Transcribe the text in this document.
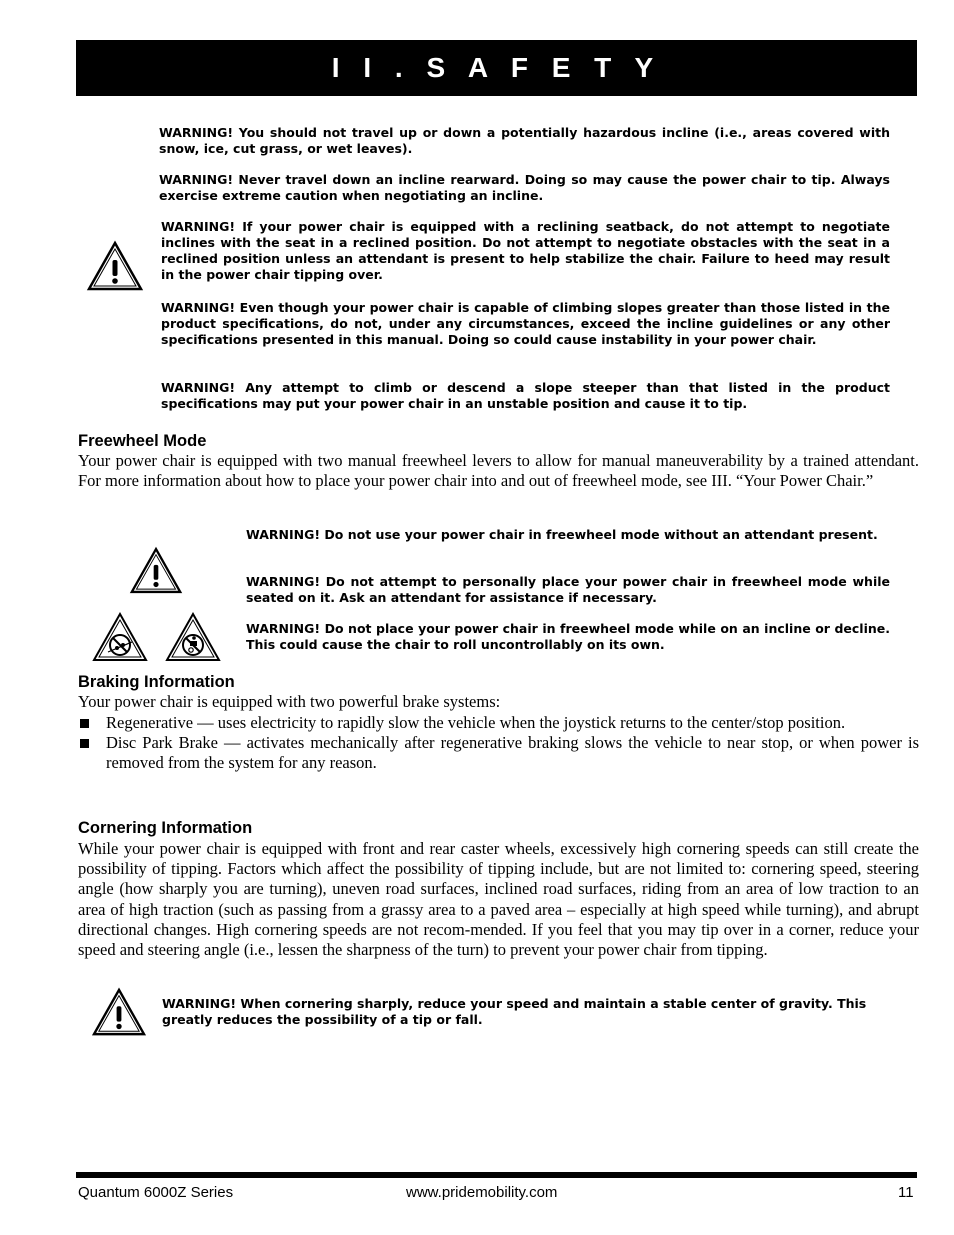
I I . S A F E T Y

WARNING! You should not travel up or down a potentially hazardous incline (i.e., areas covered with snow, ice, cut grass, or wet leaves).

WARNING! Never travel down an incline rearward. Doing so may cause the power chair to tip. Always exercise extreme caution when negotiating an incline.

WARNING! If your power chair is equipped with a reclining seatback, do not attempt to negotiate inclines with the seat in a reclined position. Do not attempt to negotiate obstacles with the seat in a reclined position unless an attendant is present to help stabilize the chair. Failure to heed may result in the power chair tipping over.

WARNING! Even though your power chair is capable of climbing slopes greater than those listed in the product specifications, do not, under any circumstances, exceed the incline guidelines or any other specifications presented in this manual. Doing so could cause instability in your power chair.

WARNING! Any attempt to climb or descend a slope steeper than that listed in the product specifications may put your power chair in an unstable position and cause it to tip.

Freewheel Mode

Your power chair is equipped with two manual freewheel levers to allow for manual maneuverability by a trained attendant. For more information about how to place your power chair into and out of freewheel mode, see III. “Your Power Chair.”

WARNING! Do not use your power chair in freewheel mode without an attendant present.

WARNING! Do not attempt to personally place your power chair in freewheel mode while seated on it. Ask an attendant for assistance if necessary.

WARNING! Do not place your power chair in freewheel mode while on an incline or decline. This could cause the chair to roll uncontrollably on its own.

Braking Information

Your power chair is equipped with two powerful brake systems:

Regenerative — uses electricity to rapidly slow the vehicle when the joystick returns to the center/stop position.
Disc Park Brake — activates mechanically after regenerative braking slows the vehicle to near stop, or when power is removed from the system for any reason.
Cornering Information

While your power chair is equipped with front and rear caster wheels, excessively high cornering speeds can still create the possibility of tipping. Factors which affect the possibility of tipping include, but are not limited to: cornering speed, steering angle (how sharply you are turning), uneven road surfaces, inclined road surfaces, riding from an area of low traction to an area of high traction (such as passing from a grassy area to a paved area – especially at high speed while turning), and abrupt directional changes. High cornering speeds are not recom-mended. If you feel that you may tip over in a corner, reduce your speed and steering angle (i.e., lessen the sharpness of the turn) to prevent your power chair from tipping.

WARNING! When cornering sharply, reduce your speed and maintain a stable center of gravity. This greatly reduces the possibility of a tip or fall.

Quantum 6000Z Series	www.pridemobility.com	11
